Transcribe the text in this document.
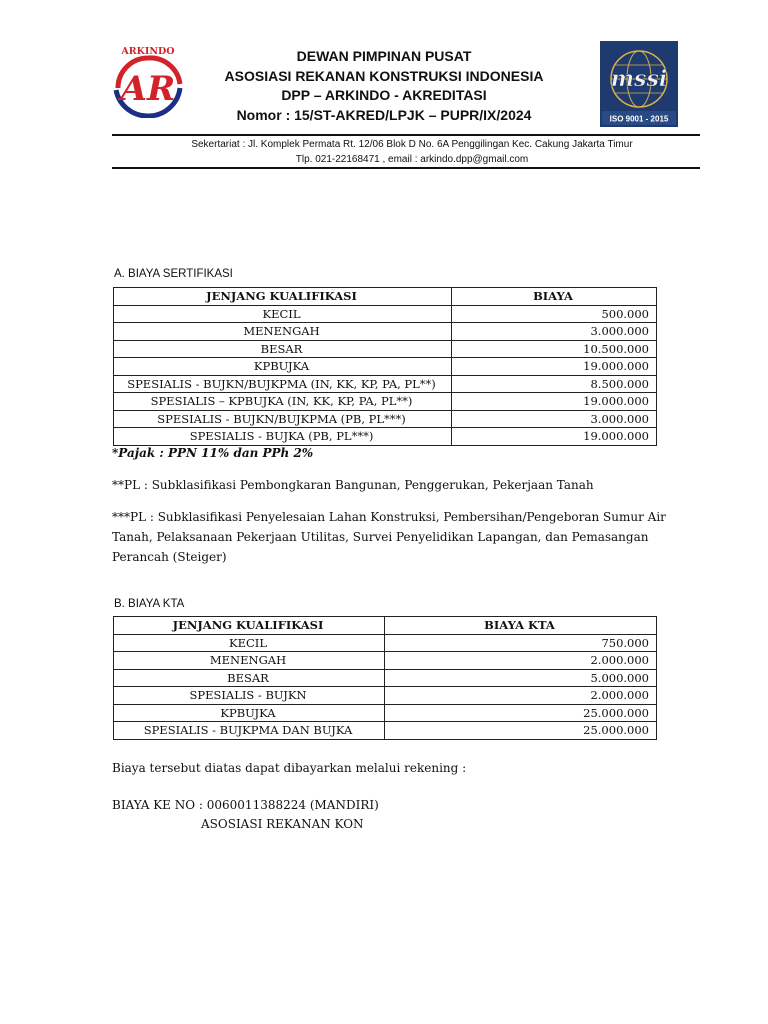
ARKINDO
AR
DEWAN PIMPINAN PUSAT
ASOSIASI REKANAN KONSTRUKSI INDONESIA
DPP – ARKINDO - AKREDITASI
Nomor : 15/ST-AKRED/LPJK – PUPR/IX/2024
mssi
ISO 9001 - 2015
Sekertariat : Jl. Komplek Permata Rt. 12/06 Blok D No. 6A Penggilingan Kec. Cakung Jakarta Timur
Tlp. 021-22168471 , email : arkindo.dpp@gmail.com
A. BIAYA SERTIFIKASI
JENJANG KUALIFIKASI	BIAYA
KECIL	500.000
MENENGAH	3.000.000
BESAR	10.500.000
KPBUJKA	19.000.000
SPESIALIS - BUJKN/BUJKPMA (IN, KK, KP, PA, PL**)	8.500.000
SPESIALIS – KPBUJKA (IN, KK, KP, PA, PL**)	19.000.000
SPESIALIS - BUJKN/BUJKPMA (PB, PL***)	3.000.000
SPESIALIS - BUJKA (PB, PL***)	19.000.000
*Pajak : PPN 11% dan PPh 2%
**PL : Subklasifikasi Pembongkaran Bangunan, Penggerukan, Pekerjaan Tanah
***PL : Subklasifikasi Penyelesaian Lahan Konstruksi, Pembersihan/Pengeboran Sumur Air
Tanah, Pelaksanaan Pekerjaan Utilitas, Survei Penyelidikan Lapangan, dan Pemasangan
Perancah (Steiger)
B. BIAYA KTA
JENJANG KUALIFIKASI	BIAYA KTA
KECIL	750.000
MENENGAH	2.000.000
BESAR	5.000.000
SPESIALIS - BUJKN	2.000.000
KPBUJKA	25.000.000
SPESIALIS - BUJKPMA DAN BUJKA	25.000.000
Biaya tersebut diatas dapat dibayarkan melalui rekening :
BIAYA KE NO : 0060011388224 (MANDIRI)
ASOSIASI REKANAN KON
